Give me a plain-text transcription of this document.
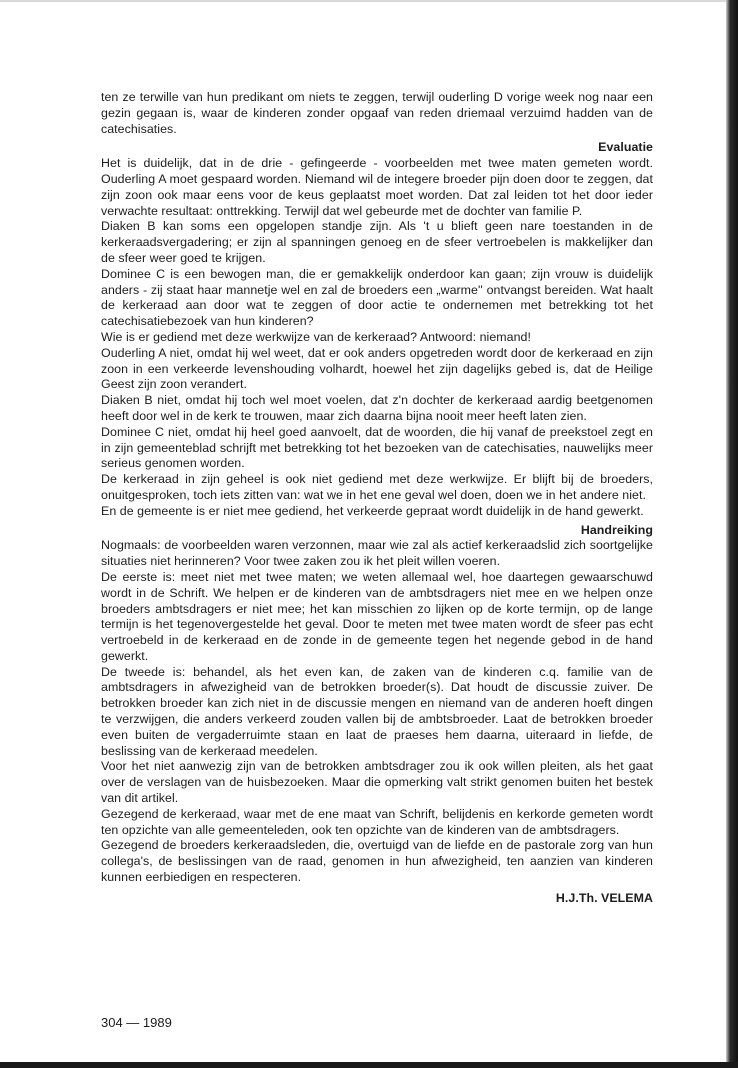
ten ze terwille van hun predikant om niets te zeggen, terwijl ouderling D vorige week nog naar een gezin gegaan is, waar de kinderen zonder opgaaf van reden driemaal verzuimd hadden van de catechisaties.

Evaluatie

Het is duidelijk, dat in de drie - gefingeerde - voorbeelden met twee maten gemeten wordt. Ouderling A moet gespaard worden. Niemand wil de integere broeder pijn doen door te zeggen, dat zijn zoon ook maar eens voor de keus geplaatst moet worden. Dat zal leiden tot het door ieder verwachte resultaat: onttrekking. Terwijl dat wel gebeurde met de dochter van familie P.

Diaken B kan soms een opgelopen standje zijn. Als 't u blieft geen nare toestanden in de kerkeraadsvergadering; er zijn al spanningen genoeg en de sfeer vertroebelen is makkelijker dan de sfeer weer goed te krijgen.

Dominee C is een bewogen man, die er gemakkelijk onderdoor kan gaan; zijn vrouw is duidelijk anders - zij staat haar mannetje wel en zal de broeders een „warme'' ontvangst bereiden. Wat haalt de kerkeraad aan door wat te zeggen of door actie te ondernemen met betrekking tot het catechisatiebezoek van hun kinderen?

Wie is er gediend met deze werkwijze van de kerkeraad? Antwoord: niemand!

Ouderling A niet, omdat hij wel weet, dat er ook anders opgetreden wordt door de kerkeraad en zijn zoon in een verkeerde levenshouding volhardt, hoewel het zijn dagelijks gebed is, dat de Heilige Geest zijn zoon verandert.

Diaken B niet, omdat hij toch wel moet voelen, dat z'n dochter de kerkeraad aardig beetgenomen heeft door wel in de kerk te trouwen, maar zich daarna bijna nooit meer heeft laten zien.

Dominee C niet, omdat hij heel goed aanvoelt, dat de woorden, die hij vanaf de preekstoel zegt en in zijn gemeenteblad schrijft met betrekking tot het bezoeken van de catechisaties, nauwelijks meer serieus genomen worden.

De kerkeraad in zijn geheel is ook niet gediend met deze werkwijze. Er blijft bij de broeders, onuitgesproken, toch iets zitten van: wat we in het ene geval wel doen, doen we in het andere niet.

En de gemeente is er niet mee gediend, het verkeerde gepraat wordt duidelijk in de hand gewerkt.

Handreiking

Nogmaals: de voorbeelden waren verzonnen, maar wie zal als actief kerkeraadslid zich soortgelijke situaties niet herinneren? Voor twee zaken zou ik het pleit willen voeren.

De eerste is: meet niet met twee maten; we weten allemaal wel, hoe daartegen gewaarschuwd wordt in de Schrift. We helpen er de kinderen van de ambtsdragers niet mee en we helpen onze broeders ambtsdragers er niet mee; het kan misschien zo lijken op de korte termijn, op de lange termijn is het tegenovergestelde het geval. Door te meten met twee maten wordt de sfeer pas echt vertroebeld in de kerkeraad en de zonde in de gemeente tegen het negende gebod in de hand gewerkt.

De tweede is: behandel, als het even kan, de zaken van de kinderen c.q. familie van de ambtsdragers in afwezigheid van de betrokken broeder(s). Dat houdt de discussie zuiver. De betrokken broeder kan zich niet in de discussie mengen en niemand van de anderen hoeft dingen te verzwijgen, die anders verkeerd zouden vallen bij de ambtsbroeder. Laat de betrokken broeder even buiten de vergaderruimte staan en laat de praeses hem daarna, uiteraard in liefde, de beslissing van de kerkeraad meedelen.

Voor het niet aanwezig zijn van de betrokken ambtsdrager zou ik ook willen pleiten, als het gaat over de verslagen van de huisbezoeken. Maar die opmerking valt strikt genomen buiten het bestek van dit artikel.

Gezegend de kerkeraad, waar met de ene maat van Schrift, belijdenis en kerkorde gemeten wordt ten opzichte van alle gemeenteleden, ook ten opzichte van de kinderen van de ambtsdragers.

Gezegend de broeders kerkeraadsleden, die, overtuigd van de liefde en de pastorale zorg van hun collega's, de beslissingen van de raad, genomen in hun afwezigheid, ten aanzien van kinderen kunnen eerbiedigen en respecteren.

H.J.Th. VELEMA
304 — 1989
